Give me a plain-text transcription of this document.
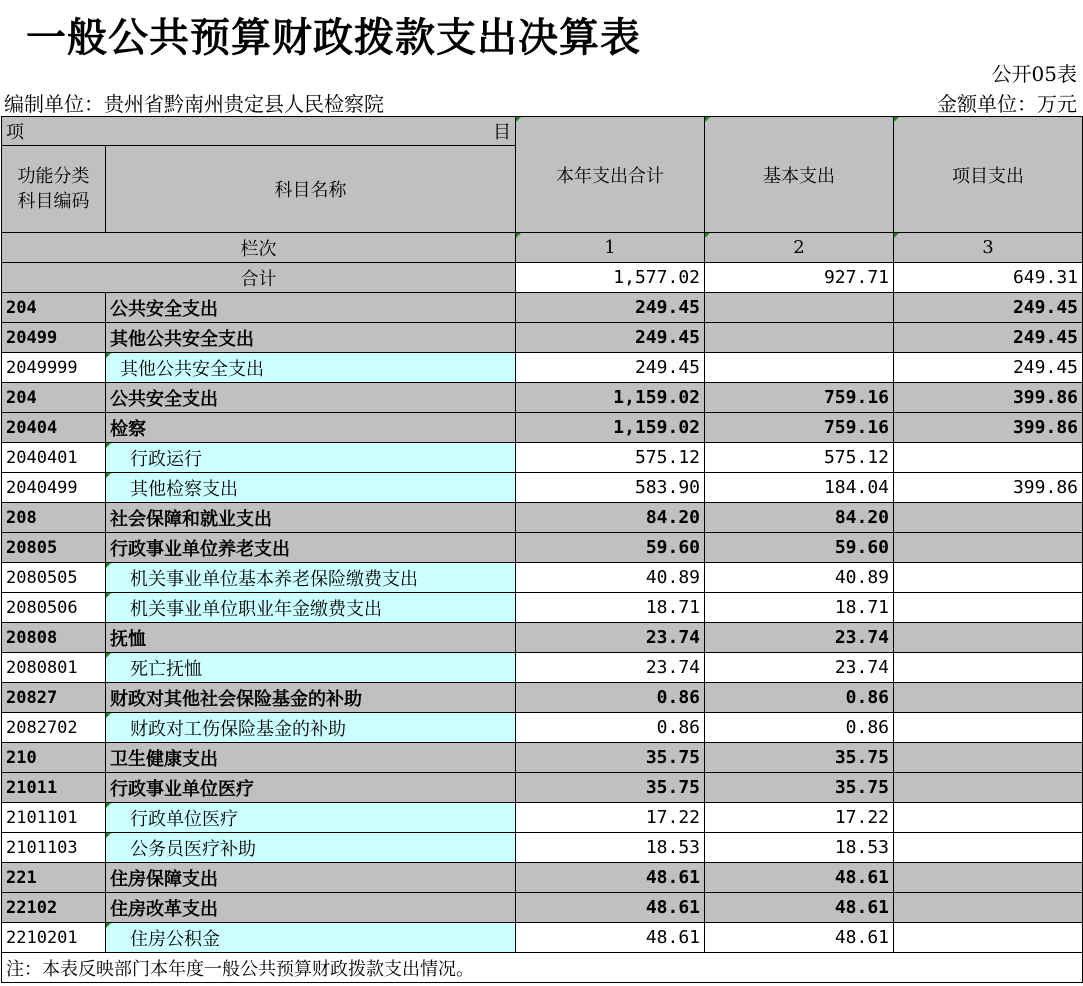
一般公共预算财政拨款支出决算表
公开05表
编制单位：贵州省黔南州贵定县人民检察院	金额单位：万元
项 目		本年支出合计	基本支出	项目支出

功能分类
科目编码	科目名称			
栏次		1	2	3
合计		1,577.02	927.71	649.31
204	公共安全支出	249.45		249.45
20499	其他公共安全支出	249.45		249.45
2049999	其他公共安全支出	249.45		249.45
204	公共安全支出	1,159.02	759.16	399.86
20404	检察	1,159.02	759.16	399.86
2040401	行政运行	575.12	575.12	
2040499	其他检察支出	583.90	184.04	399.86
208	社会保障和就业支出	84.20	84.20	
20805	行政事业单位养老支出	59.60	59.60	
2080505	机关事业单位基本养老保险缴费支出	40.89	40.89	
2080506	机关事业单位职业年金缴费支出	18.71	18.71	
20808	抚恤	23.74	23.74	
2080801	死亡抚恤	23.74	23.74	
20827	财政对其他社会保险基金的补助	0.86	0.86	
2082702	财政对工伤保险基金的补助	0.86	0.86	
210	卫生健康支出	35.75	35.75	
21011	行政事业单位医疗	35.75	35.75	
2101101	行政单位医疗	17.22	17.22	
2101103	公务员医疗补助	18.53	18.53	
221	住房保障支出	48.61	48.61	
22102	住房改革支出	48.61	48.61	
2210201	住房公积金	48.61	48.61	
注：本表反映部门本年度一般公共预算财政拨款支出情况。				
